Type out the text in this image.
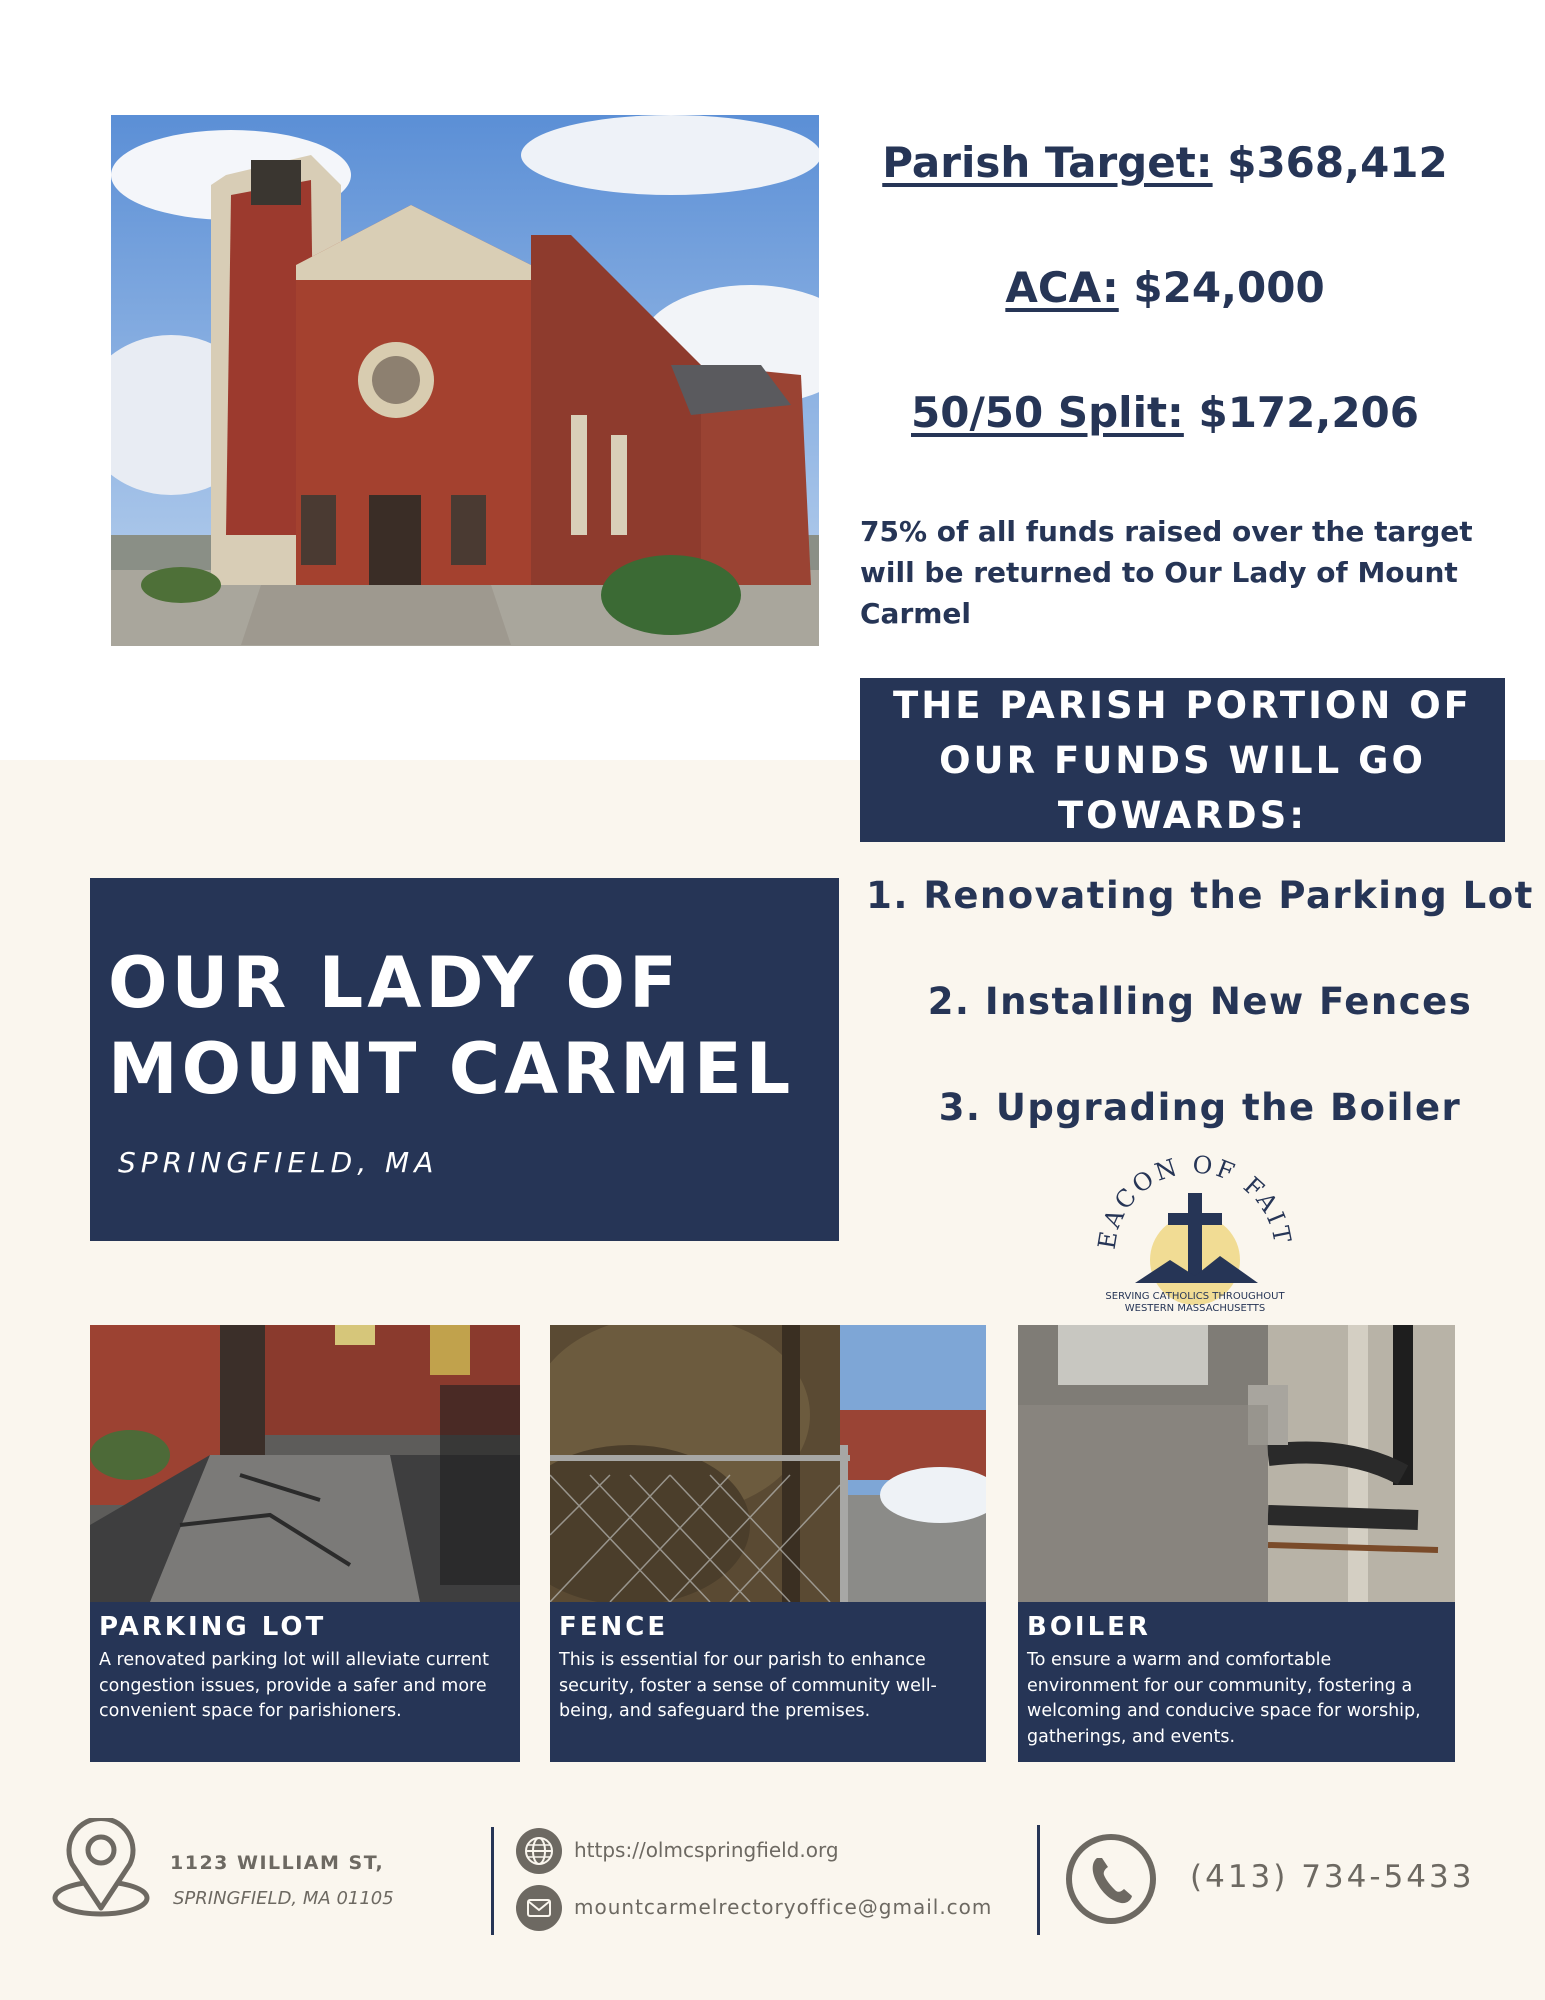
Parish Target: $368,412
ACA: $24,000
50/50 Split: $172,206

75% of all funds raised over the target will be returned to Our Lady of Mount Carmel

THE PARISH PORTION OF OUR FUNDS WILL GO TOWARDS:
1. Renovating the Parking Lot
2. Installing New Fences
3. Upgrading the Boiler
OUR LADY OF
MOUNT CARMEL
SPRINGFIELD, MA
EACON OF FAIT
SERVING CATHOLICS THROUGHOUT
WESTERN MASSACHUSETTS
PARKING LOT

A renovated parking lot will alleviate current congestion issues, provide a safer and more convenient space for parishioners.

FENCE

This is essential for our parish to enhance security, foster a sense of community well-being, and safeguard the premises.

BOILER

To ensure a warm and comfortable environment for our community, fostering a welcoming and conducive space for worship, gatherings, and events.

1123 WILLIAM ST,
SPRINGFIELD, MA 01105
https://olmcspringfield.org
mountcarmelrectoryoffice@gmail.com
(413) 734-5433
